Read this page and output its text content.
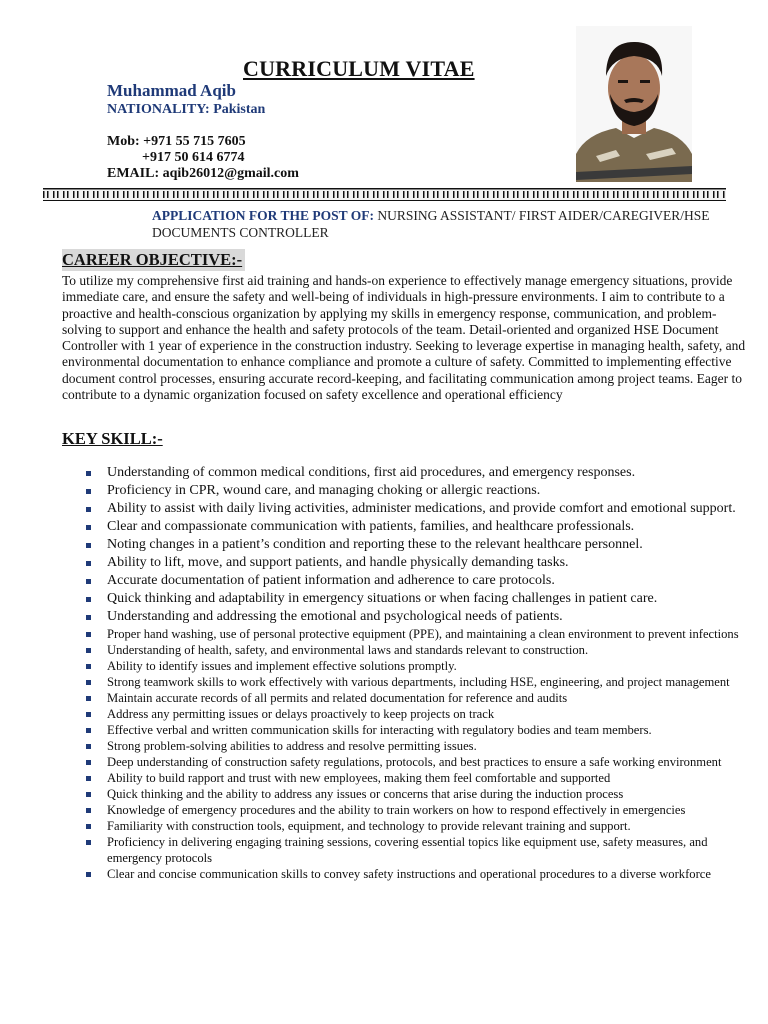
CURRICULUM VITAE
Muhammad Aqib
NATIONALITY: Pakistan
Mob: +971 55 715 7605
+917 50 614 6774
EMAIL: aqib26012@gmail.com
APPLICATION FOR THE POST OF: NURSING ASSISTANT/ FIRST AIDER/CAREGIVER/HSE DOCUMENTS CONTROLLER
CAREER OBJECTIVE:-
To utilize my comprehensive first aid training and hands-on experience to effectively manage emergency situations, provide immediate care, and ensure the safety and well-being of individuals in high-pressure environments. I aim to contribute to a proactive and health-conscious organization by applying my skills in emergency response, communication, and problem-solving to support and enhance the health and safety protocols of the team. Detail-oriented and organized HSE Document Controller with 1 year of experience in the construction industry. Seeking to leverage expertise in managing health, safety, and environmental documentation to enhance compliance and promote a culture of safety. Committed to implementing effective document control processes, ensuring accurate record-keeping, and facilitating communication among project teams. Eager to contribute to a dynamic organization focused on safety excellence and operational efficiency
KEY SKILL:-
Understanding of common medical conditions, first aid procedures, and emergency responses.
Proficiency in CPR, wound care, and managing choking or allergic reactions.
Ability to assist with daily living activities, administer medications, and provide comfort and emotional support.
Clear and compassionate communication with patients, families, and healthcare professionals.
Noting changes in a patient’s condition and reporting these to the relevant healthcare personnel.
Ability to lift, move, and support patients, and handle physically demanding tasks.
Accurate documentation of patient information and adherence to care protocols.
Quick thinking and adaptability in emergency situations or when facing challenges in patient care.
Understanding and addressing the emotional and psychological needs of patients.
Proper hand washing, use of personal protective equipment (PPE), and maintaining a clean environment to prevent infections
Understanding of health, safety, and environmental laws and standards relevant to construction.
Ability to identify issues and implement effective solutions promptly.
Strong teamwork skills to work effectively with various departments, including HSE, engineering, and project management
Maintain accurate records of all permits and related documentation for reference and audits
Address any permitting issues or delays proactively to keep projects on track
Effective verbal and written communication skills for interacting with regulatory bodies and team members.
Strong problem-solving abilities to address and resolve permitting issues.
Deep understanding of construction safety regulations, protocols, and best practices to ensure a safe working environment
Ability to build rapport and trust with new employees, making them feel comfortable and supported
Quick thinking and the ability to address any issues or concerns that arise during the induction process
Knowledge of emergency procedures and the ability to train workers on how to respond effectively in emergencies
Familiarity with construction tools, equipment, and technology to provide relevant training and support.
Proficiency in delivering engaging training sessions, covering essential topics like equipment use, safety measures, and emergency protocols
Clear and concise communication skills to convey safety instructions and operational procedures to a diverse workforce
